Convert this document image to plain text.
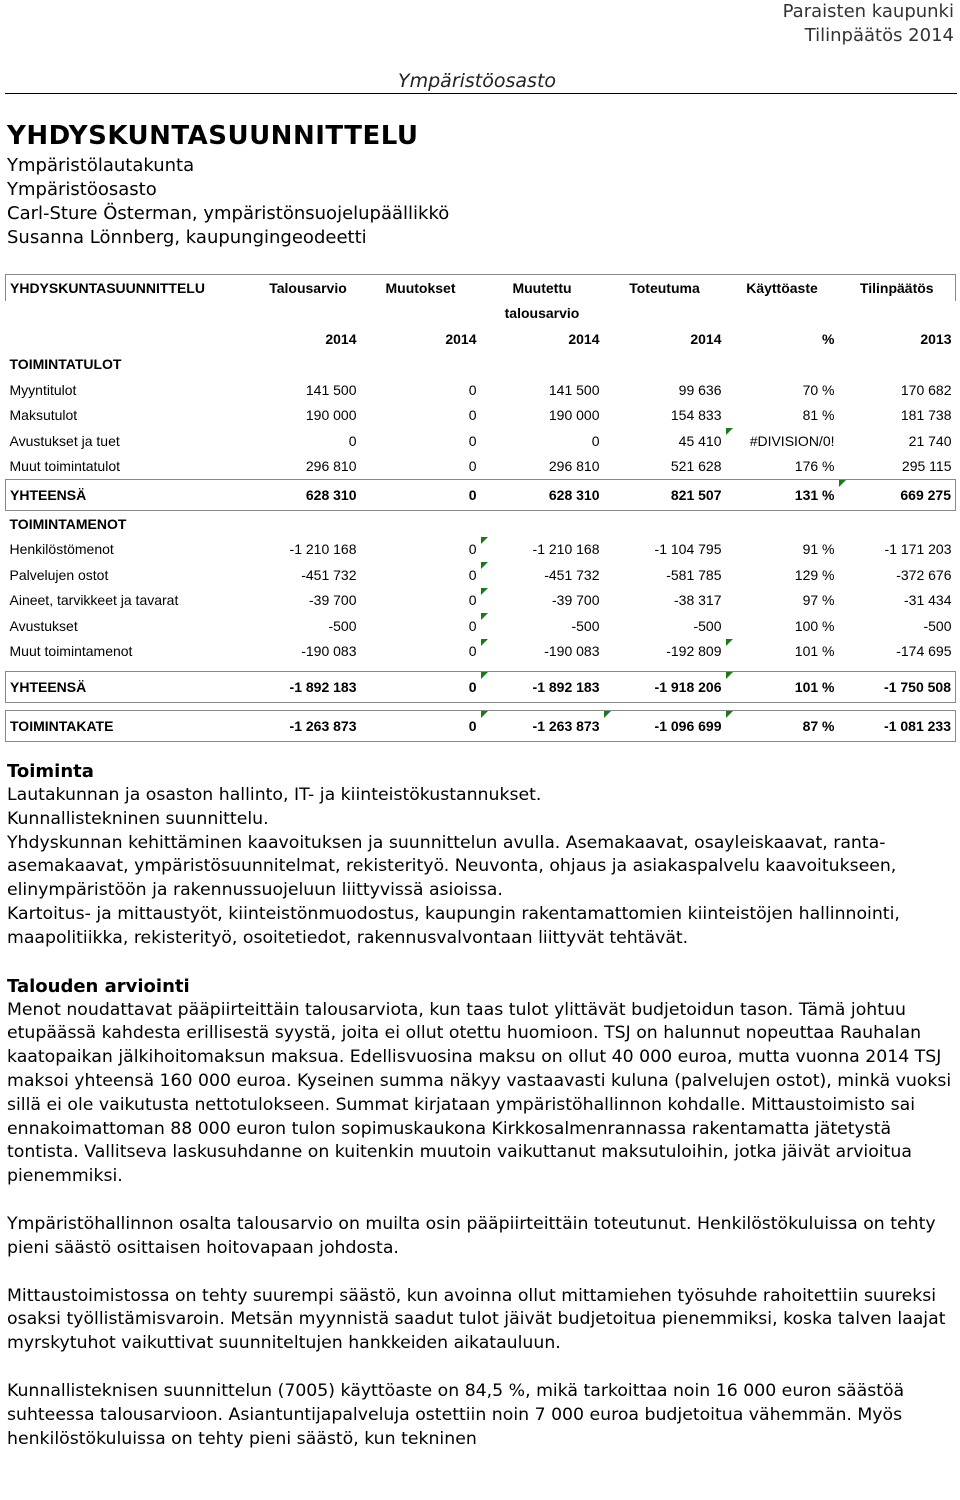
Paraisten kaupunki
Tilinpäätös 2014
Ympäristöosasto
YHDYSKUNTASUUNNITTELU
Ympäristölautakunta
Ympäristöosasto
Carl-Sture Österman, ympäristönsuojelupäällikkö
Susanna Lönnberg, kaupungingeodeetti
YHDYSKUNTASUUNNITTELU	Talousarvio	Muutokset	Muutettu	Toteutuma	Käyttöaste	Tilinpäätös
			talousarvio			
	2014	2014	2014	2014	%	2013
TOIMINTATULOT						
Myyntitulot	141 500	0	141 500	99 636	70 %	170 682
Maksutulot	190 000	0	190 000	154 833	81 %	181 738
Avustukset ja tuet	0	0	0	45 410	#DIVISION/0!	21 740
Muut toimintatulot	296 810	0	296 810	521 628	176 %	295 115
YHTEENSÄ	628 310	0	628 310	821 507	131 %	669 275
TOIMINTAMENOT						
Henkilöstömenot	-1 210 168	0	-1 210 168	-1 104 795	91 %	-1 171 203
Palvelujen ostot	-451 732	0	-451 732	-581 785	129 %	-372 676
Aineet, tarvikkeet ja tavarat	-39 700	0	-39 700	-38 317	97 %	-31 434
Avustukset	-500	0	-500	-500	100 %	-500
Muut toimintamenot	-190 083	0	-190 083	-192 809	101 %	-174 695

YHTEENSÄ	-1 892 183	0	-1 892 183	-1 918 206	101 %	-1 750 508

TOIMINTAKATE	-1 263 873	0	-1 263 873	-1 096 699	87 %	-1 081 233
Toiminta

Lautakunnan ja osaston hallinto, IT- ja kiinteistökustannukset.

Kunnallistekninen suunnittelu.

Yhdyskunnan kehittäminen kaavoituksen ja suunnittelun avulla. Asemakaavat, osayleiskaavat, ranta-asemakaavat, ympäristösuunnitelmat, rekisterityö. Neuvonta, ohjaus ja asiakaspalvelu kaavoitukseen, elinympäristöön ja rakennussuojeluun liittyvissä asioissa.

Kartoitus- ja mittaustyöt, kiinteistönmuodostus, kaupungin rakentamattomien kiinteistöjen hallinnointi, maapolitiikka, rekisterityö, osoitetiedot, rakennusvalvontaan liittyvät tehtävät.

Talouden arviointi

Menot noudattavat pääpiirteittäin talousarviota, kun taas tulot ylittävät budjetoidun tason. Tämä johtuu etupäässä kahdesta erillisestä syystä, joita ei ollut otettu huomioon. TSJ on halunnut nopeuttaa Rauhalan kaatopaikan jälkihoitomaksun maksua. Edellisvuosina maksu on ollut 40 000 euroa, mutta vuonna 2014 TSJ maksoi yhteensä 160 000 euroa. Kyseinen summa näkyy vastaavasti kuluna (palvelujen ostot), minkä vuoksi sillä ei ole vaikutusta nettotulokseen. Summat kirjataan ympäristöhallinnon kohdalle. Mittaustoimisto sai ennakoimattoman 88 000 euron tulon sopimuskaukona Kirkkosalmenrannassa rakentamatta jätetystä tontista. Vallitseva laskusuhdanne on kuitenkin muutoin vaikuttanut maksutuloihin, jotka jäivät arvioitua pienemmiksi.

Ympäristöhallinnon osalta talousarvio on muilta osin pääpiirteittäin toteutunut. Henkilöstökuluissa on tehty pieni säästö osittaisen hoitovapaan johdosta.

Mittaustoimistossa on tehty suurempi säästö, kun avoinna ollut mittamiehen työsuhde rahoitettiin suureksi osaksi työllistämisvaroin. Metsän myynnistä saadut tulot jäivät budjetoitua pienemmiksi, koska talven laajat myrskytuhot vaikuttivat suunniteltujen hankkeiden aikatauluun.

Kunnallisteknisen suunnittelun (7005) käyttöaste on 84,5 %, mikä tarkoittaa noin 16 000 euron säästöä suhteessa talousarvioon. Asiantuntijapalveluja ostettiin noin 7 000 euroa budjetoitua vähemmän. Myös henkilöstökuluissa on tehty pieni säästö, kun tekninen
